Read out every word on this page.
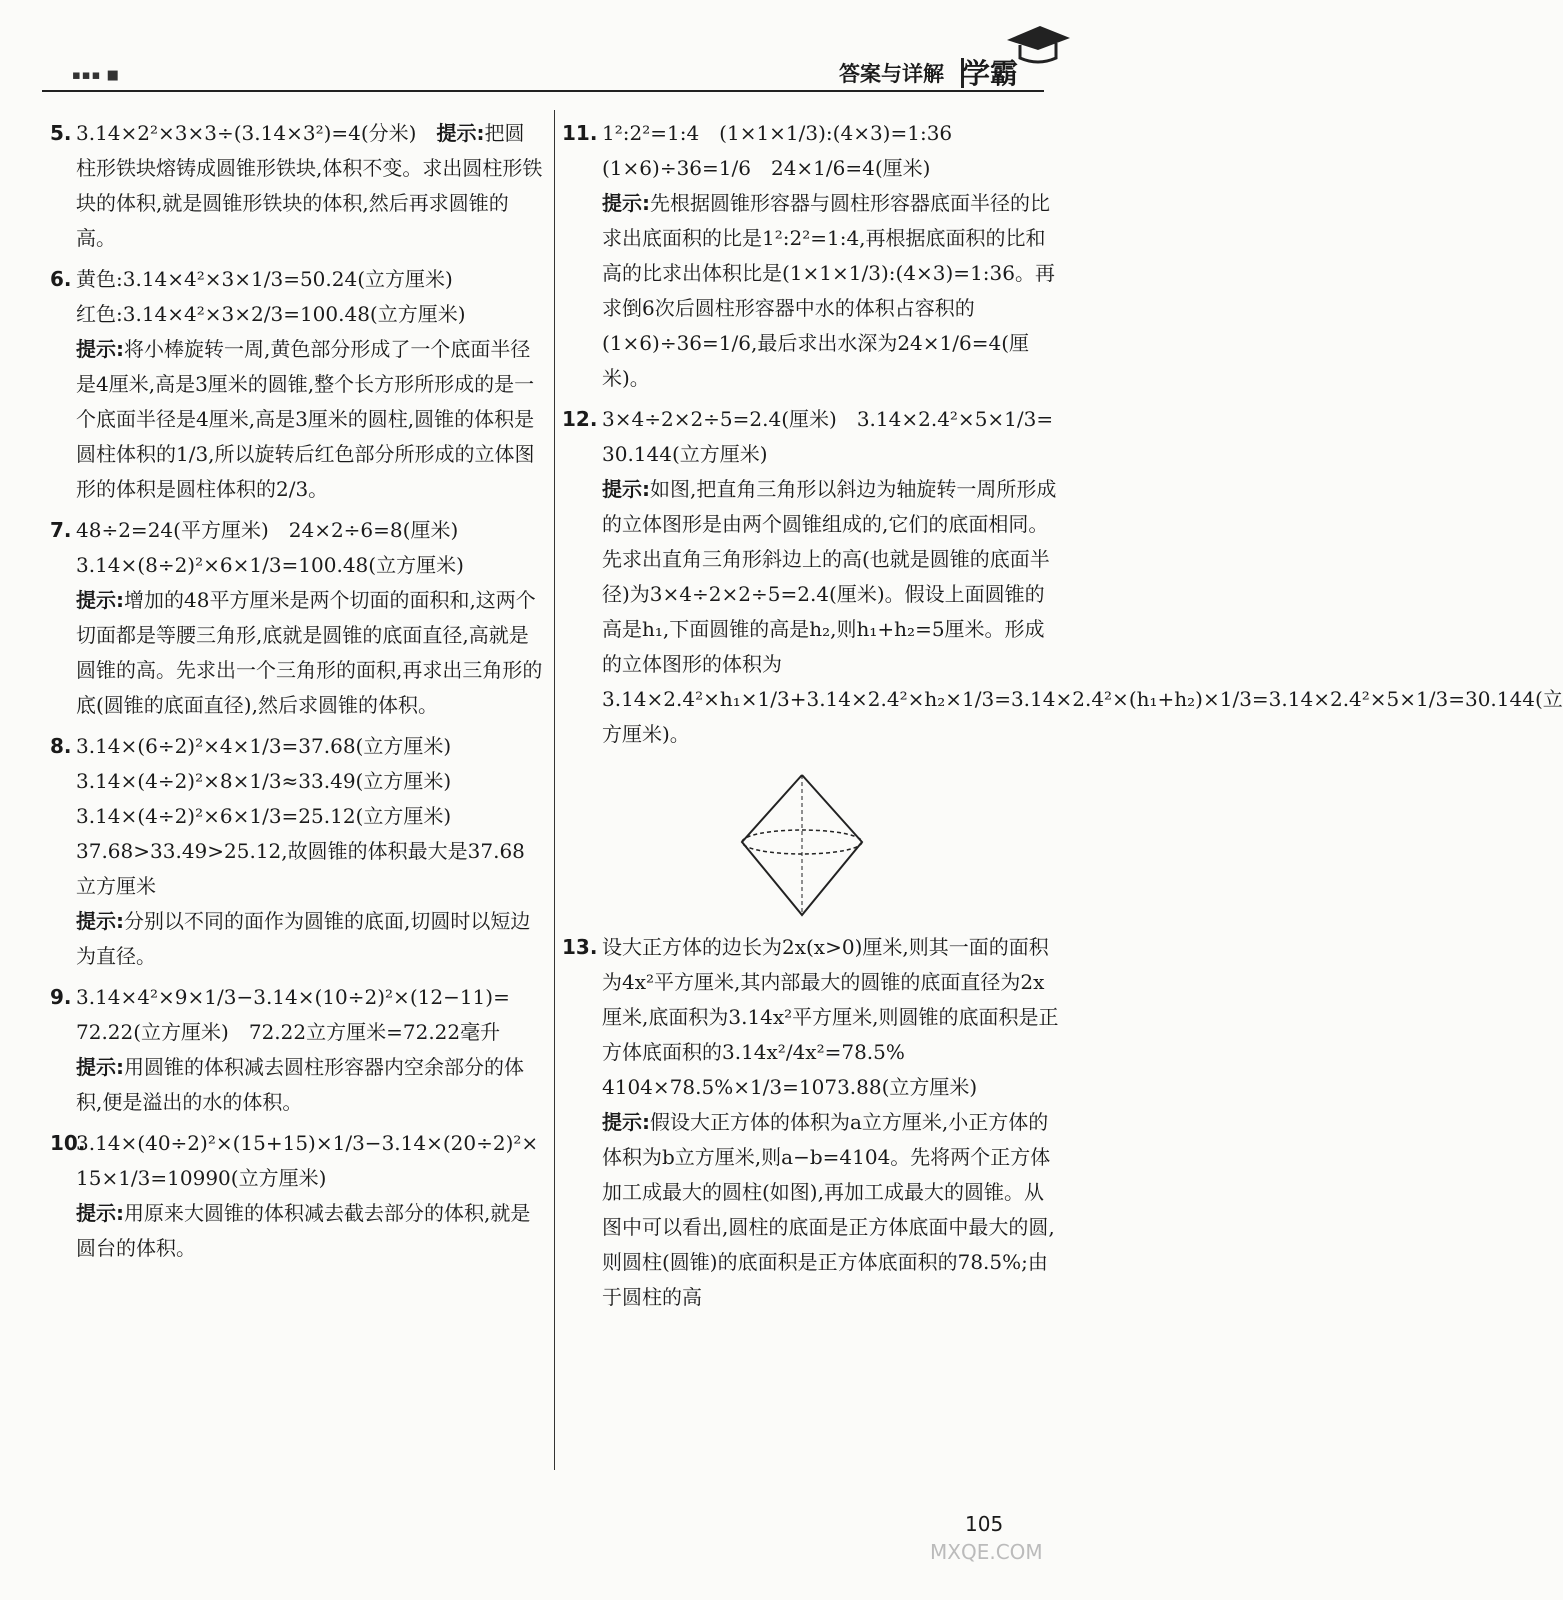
▪▪▪ ■	答案与详解 学霸
5. 3.14×2²×3×3÷(3.14×3²)=4(分米)　提示:把圆柱形铁块熔铸成圆锥形铁块,体积不变。求出圆柱形铁块的体积,就是圆锥形铁块的体积,然后再求圆锥的高。
6. 黄色:3.14×4²×3×1/3=50.24(立方厘米)

红色:3.14×4²×3×2/3=100.48(立方厘米)

提示:将小棒旋转一周,黄色部分形成了一个底面半径是4厘米,高是3厘米的圆锥,整个长方形所形成的是一个底面半径是4厘米,高是3厘米的圆柱,圆锥的体积是圆柱体积的1/3,所以旋转后红色部分所形成的立体图形的体积是圆柱体积的2/3。

7. 48÷2=24(平方厘米)　24×2÷6=8(厘米)

3.14×(8÷2)²×6×1/3=100.48(立方厘米)

提示:增加的48平方厘米是两个切面的面积和,这两个切面都是等腰三角形,底就是圆锥的底面直径,高就是圆锥的高。先求出一个三角形的面积,再求出三角形的底(圆锥的底面直径),然后求圆锥的体积。

8. 3.14×(6÷2)²×4×1/3=37.68(立方厘米)

3.14×(4÷2)²×8×1/3≈33.49(立方厘米)

3.14×(4÷2)²×6×1/3=25.12(立方厘米)

37.68>33.49>25.12,故圆锥的体积最大是37.68立方厘米

提示:分别以不同的面作为圆锥的底面,切圆时以短边为直径。

9. 3.14×4²×9×1/3−3.14×(10÷2)²×(12−11)=

72.22(立方厘米)　72.22立方厘米=72.22毫升

提示:用圆锥的体积减去圆柱形容器内空余部分的体积,便是溢出的水的体积。

10.

3.14×(40÷2)²×(15+15)×1/3−3.14×(20÷2)²×

15×1/3=10990(立方厘米)

提示:用原来大圆锥的体积减去截去部分的体积,就是圆台的体积。

11. 1²:2²=1:4　(1×1×1/3):(4×3)=1:36

(1×6)÷36=1/6　24×1/6=4(厘米)

提示:先根据圆锥形容器与圆柱形容器底面半径的比求出底面积的比是1²:2²=1:4,再根据底面积的比和高的比求出体积比是(1×1×1/3):(4×3)=1:36。再求倒6次后圆柱形容器中水的体积占容积的(1×6)÷36=1/6,最后求出水深为24×1/6=4(厘米)。

12. 3×4÷2×2÷5=2.4(厘米)　3.14×2.4²×5×1/3=

30.144(立方厘米)

提示:如图,把直角三角形以斜边为轴旋转一周所形成的立体图形是由两个圆锥组成的,它们的底面相同。先求出直角三角形斜边上的高(也就是圆锥的底面半径)为3×4÷2×2÷5=2.4(厘米)。假设上面圆锥的高是h₁,下面圆锥的高是h₂,则h₁+h₂=5厘米。形成的立体图形的体积为3.14×2.4²×h₁×1/3+3.14×2.4²×h₂×1/3=3.14×2.4²×(h₁+h₂)×1/3=3.14×2.4²×5×1/3=30.144(立方厘米)。

13. 设大正方体的边长为2x(x>0)厘米,则其一面的面积为4x²平方厘米,其内部最大的圆锥的底面直径为2x厘米,底面积为3.14x²平方厘米,则圆锥的底面积是正方体底面积的3.14x²/4x²=78.5%　4104×78.5%×1/3=1073.88(立方厘米)

提示:假设大正方体的体积为a立方厘米,小正方体的体积为b立方厘米,则a−b=4104。先将两个正方体加工成最大的圆柱(如图),再加工成最大的圆锥。从图中可以看出,圆柱的底面是正方体底面中最大的圆,则圆柱(圆锥)的底面积是正方体底面积的78.5%;由于圆柱的高

105
MXQE.COM
